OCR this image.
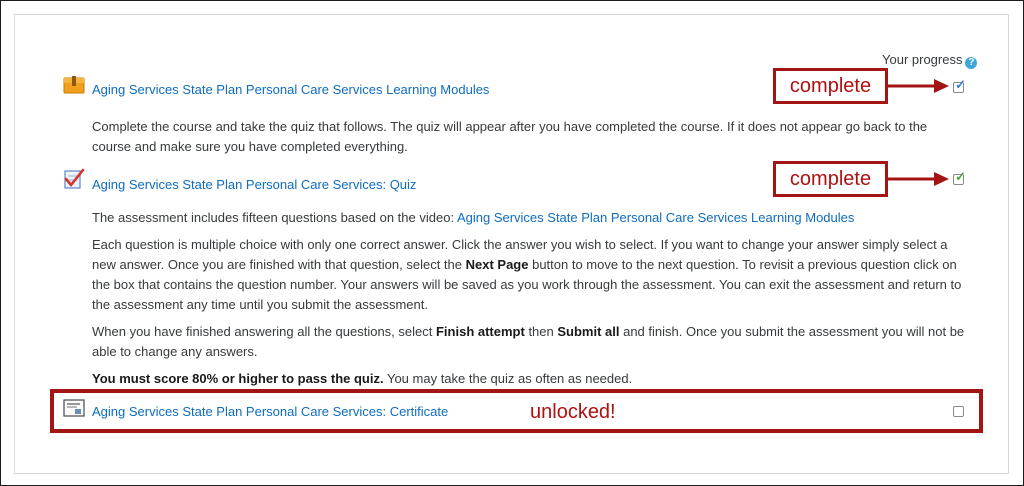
Your progress ?
Aging Services State Plan Personal Care Services Learning Modules	✓

Complete the course and take the quiz that follows. The quiz will appear after you have completed the course. If it does not appear go back to the course and make sure you have completed everything.

Aging Services State Plan Personal Care Services: Quiz
✓

The assessment includes fifteen questions based on the video: Aging Services State Plan Personal Care Services Learning Modules

Each question is multiple choice with only one correct answer. Click the answer you wish to select. If you want to change your answer simply select a new answer. Once you are finished with that question, select the Next Page button to move to the next question. To revisit a previous question click on the box that contains the question number. Your answers will be saved as you work through the assessment. You can exit the assessment and return to the assessment any time until you submit the assessment.

When you have finished answering all the questions, select Finish attempt then Submit all and finish. Once you submit the assessment you will not be able to change any answers.

You must score 80% or higher to pass the quiz. You may take the quiz as often as needed.

Aging Services State Plan Personal Care Services: Certificate
complete
complete
unlocked!
